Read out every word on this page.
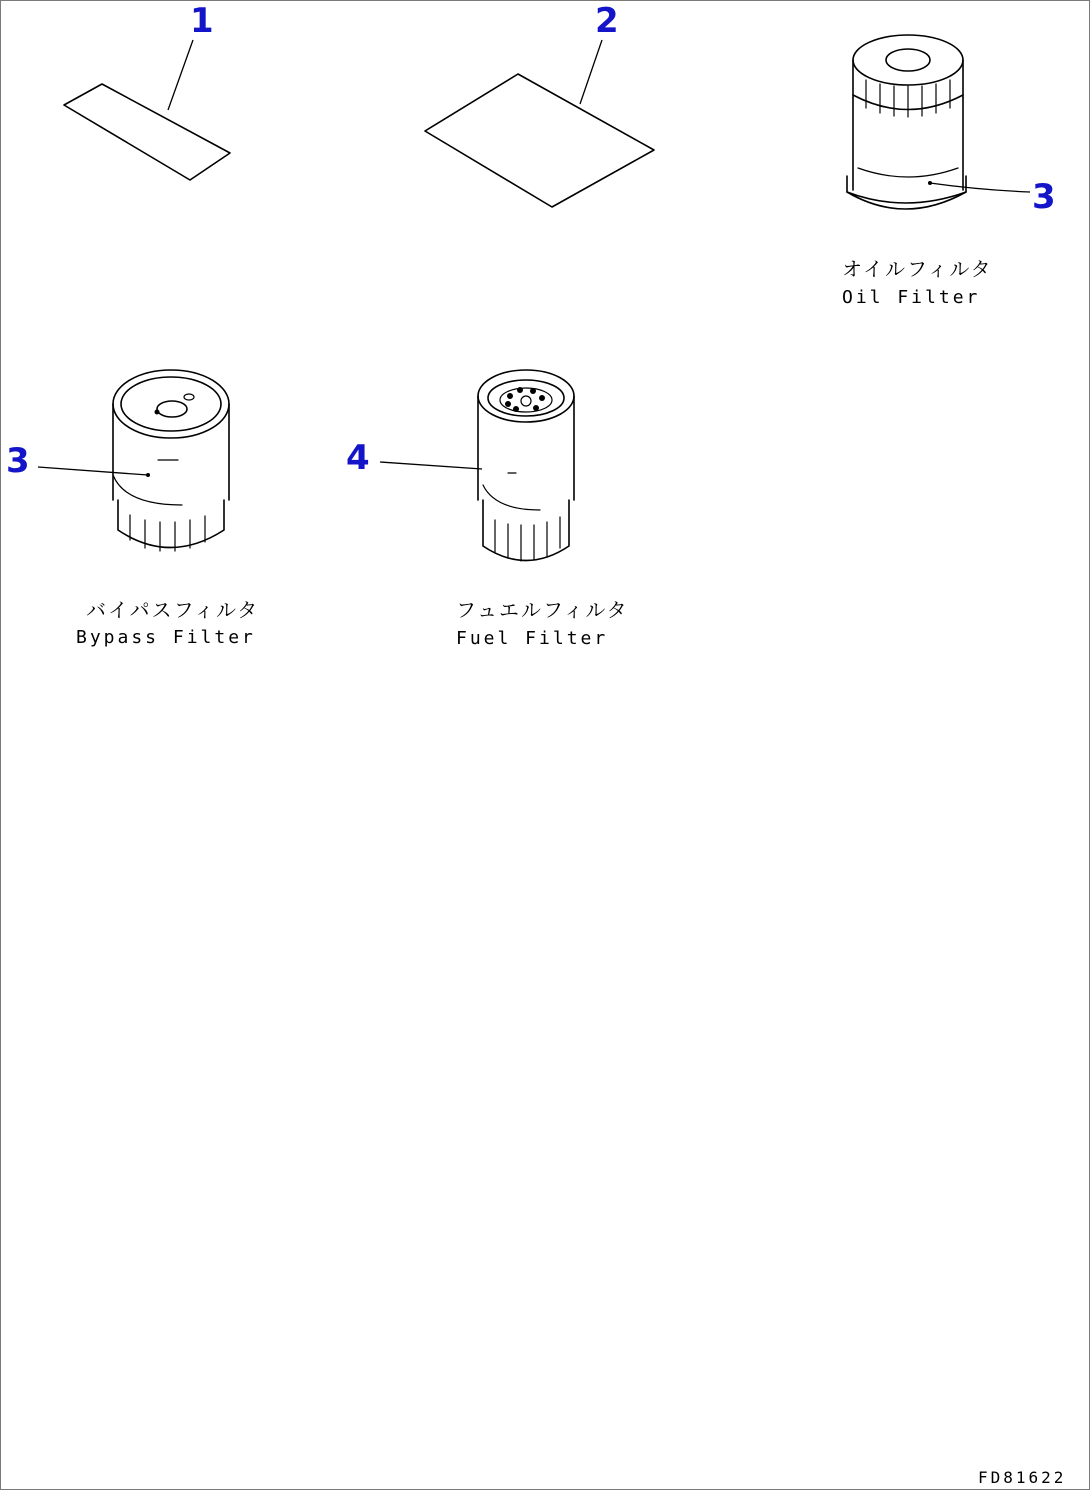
1	2
3
オイルフィルタ
Oil Filter
3
バイパスフィルタ
Bypass Filter
4
フュエルフィルタ
Fuel Filter
FD81622
